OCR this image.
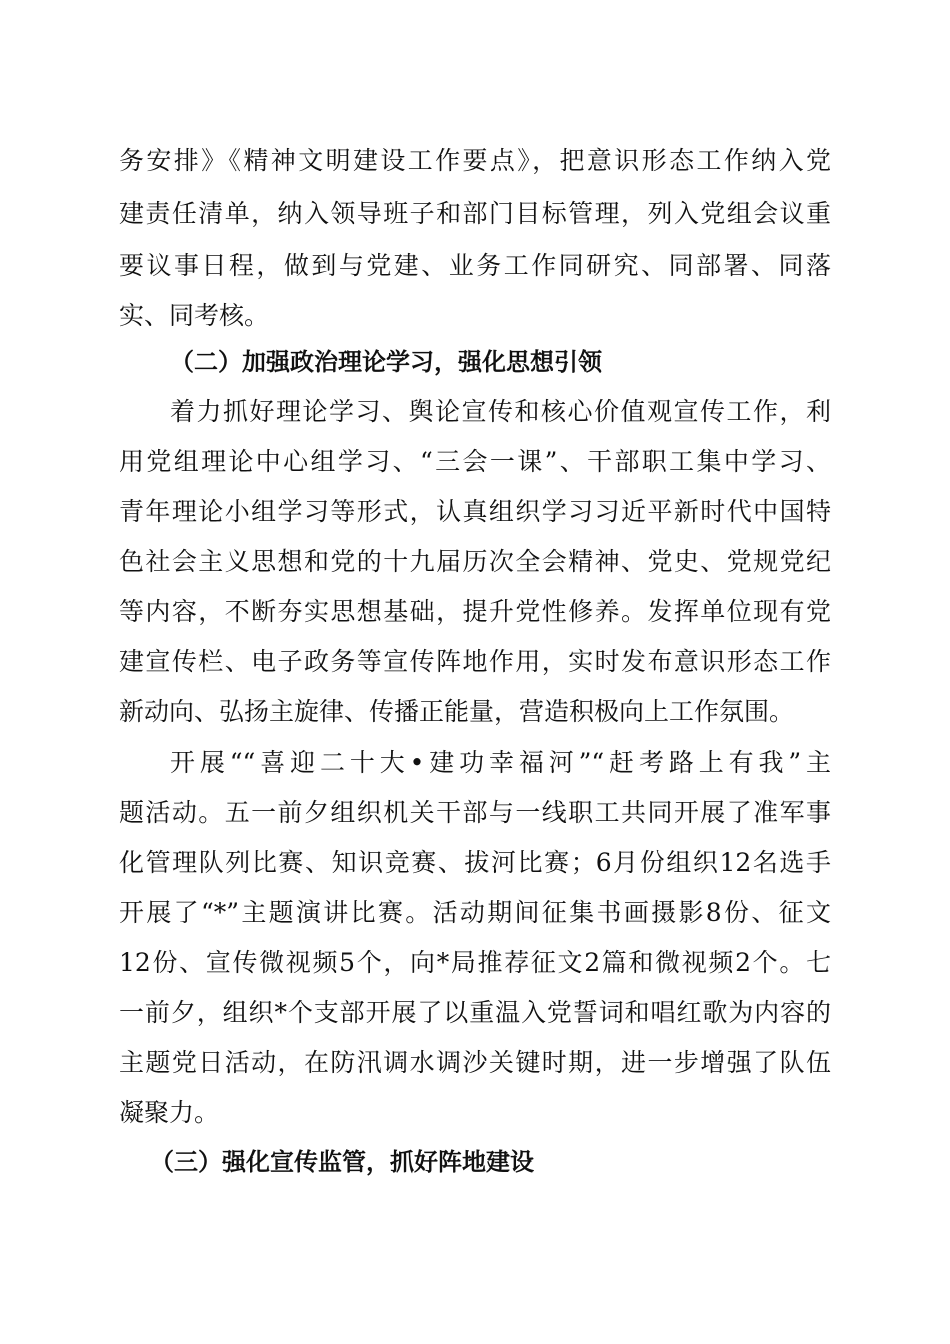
务安排》《精神文明建设工作要点》，把意识形态工作纳入党
建责任清单，纳入领导班子和部门目标管理，列入党组会议重
要议事日程，做到与党建、业务工作同研究、同部署、同落
实、同考核。
（二）加强政治理论学习，强化思想引领
着力抓好理论学习、舆论宣传和核心价值观宣传工作，利
用党组理论中心组学习、“三会一课”、干部职工集中学习、
青年理论小组学习等形式，认真组织学习习近平新时代中国特
色社会主义思想和党的十九届历次全会精神、党史、党规党纪
等内容，不断夯实思想基础，提升党性修养。发挥单位现有党
建宣传栏、电子政务等宣传阵地作用，实时发布意识形态工作
新动向、弘扬主旋律、传播正能量，营造积极向上工作氛围。
开展““喜迎二十大•建功幸福河”“赶考路上有我”主
题活动。五一前夕组织机关干部与一线职工共同开展了准军事
化管理队列比赛、知识竞赛、拔河比赛；6月份组织12名选手
开展了“*”主题演讲比赛。活动期间征集书画摄影8份、征文
12份、宣传微视频5个，向*局推荐征文2篇和微视频2个。七
一前夕，组织*个支部开展了以重温入党誓词和唱红歌为内容的
主题党日活动，在防汛调水调沙关键时期，进一步增强了队伍
凝聚力。
（三）强化宣传监管，抓好阵地建设
